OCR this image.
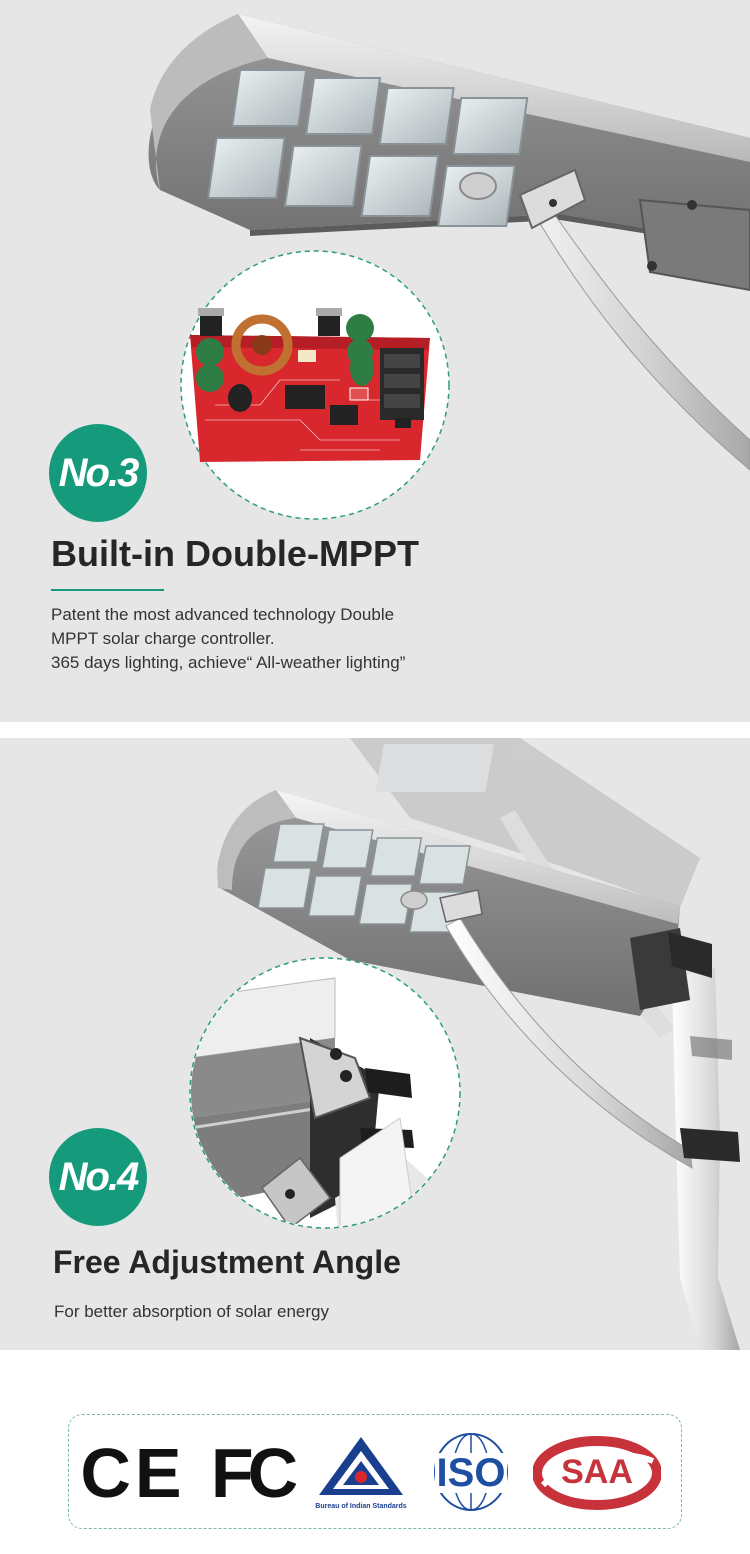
No.3
Built-in Double-MPPT
Patent the most advanced technology Double
MPPT solar charge controller.
365 days lighting, achieve“ All-weather lighting”
No.4
Free Adjustment Angle
For better absorption of solar energy
CE FC	Bureau of Indian Standards
ISO SAA
